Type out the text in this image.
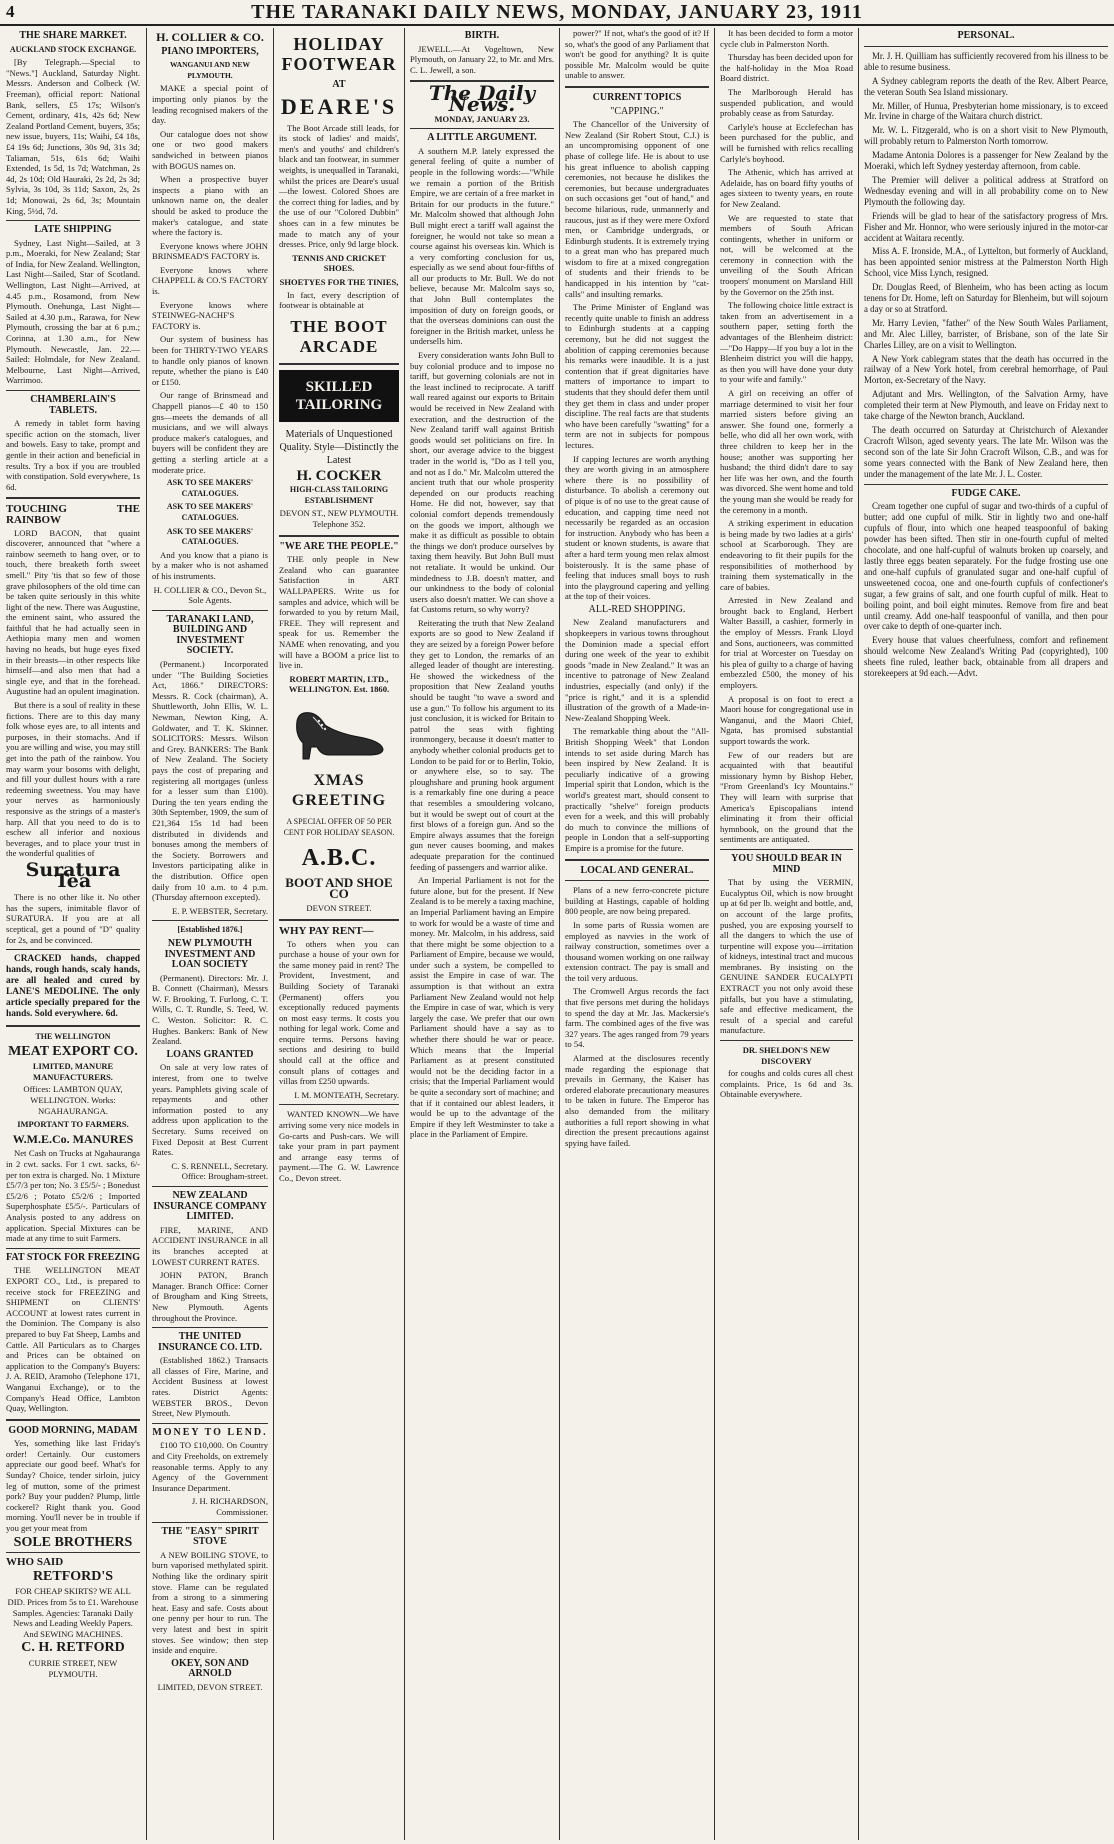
4	THE TARANAKI DAILY NEWS, MONDAY, JANUARY 23, 1911
THE SHARE MARKET.
AUCKLAND STOCK EXCHANGE.

[By Telegraph.—Special to "News."] Auckland, Saturday Night. Messrs. Anderson and Colbeck (W. Freeman), official report: National Bank, sellers, £5 17s; Wilson's Cement, ordinary, 41s, 42s 6d; New Zealand Portland Cement, buyers, 35s; new issue, buyers, 11s; Waihi, £4 18s, £4 19s 6d; Junctions, 30s 9d, 31s 3d; Taliaman, 51s, 61s 6d; Waihi Extended, 1s 5d, 1s 7d; Watchman, 2s 4d, 2s 10d; Old Hauraki, 2s 2d, 2s 3d; Sylvia, 3s 10d, 3s 11d; Saxon, 2s, 2s 1d; Monowai, 2s 6d, 3s; Mountain King, 5½d, 7d.

LATE SHIPPING

Sydney, Last Night—Sailed, at 3 p.m., Moeraki, for New Zealand; Star of India, for New Zealand. Wellington, Last Night—Sailed, Star of Scotland. Wellington, Last Night—Arrived, at 4.45 p.m., Rosamond, from New Plymouth. Onehunga, Last Night—Sailed at 4.30 p.m., Rarawa, for New Plymouth, crossing the bar at 6 p.m.; Corinna, at 1.30 a.m., for New Plymouth. Newcastle, Jan. 22.—Sailed: Holmdale, for New Zealand. Melbourne, Last Night—Arrived, Warrimoo.

CHAMBERLAIN'S TABLETS.

A remedy in tablet form having specific action on the stomach, liver and bowels. Easy to take, prompt and gentle in their action and beneficial in results. Try a box if you are troubled with constipation. Sold everywhere, 1s 6d.

TOUCHING THE RAINBOW

LORD BACON, that quaint discoverer, announced that "where a rainbow seemeth to hang over, or to touch, there breaketh forth sweet smell." Pity 'tis that so few of those grave philosophers of the old time can be taken quite seriously in this white light of the new. There was Augustine, the eminent saint, who assured the faithful that he had actually seen in Aethiopia many men and women having no heads, but huge eyes fixed in their breasts—in other respects like himself—and also men that had a single eye, and that in the forehead. Augustine had an opulent imagination.

But there is a soul of reality in these fictions. There are to this day many folk whose eyes are, to all intents and purposes, in their stomachs. And if you are willing and wise, you may still get into the path of the rainbow. You may warm your bosoms with delight, and fill your dullest hours with a rare redeeming sweetness. You may have your nerves as harmoniously responsive as the strings of a master's harp. All that you need to do is to eschew all inferior and noxious beverages, and to place your trust in the wonderful qualities of

Suratura Tea

There is no other like it. No other has the supers, inimitable flavor of SURATURA. If you are at all sceptical, get a pound of "D" quality for 2s, and be convinced.

CRACKED hands, chapped hands, rough hands, scaly hands, are all healed and cured by LANE'S MEDOLINE. The only article specially prepared for the hands. Sold everywhere. 6d.

THE WELLINGTON
MEAT EXPORT CO.
LIMITED, MANURE MANUFACTURERS.

Offices: LAMBTON QUAY, WELLINGTON. Works: NGAHAURANGA.

IMPORTANT TO FARMERS.
W.M.E.Co. MANURES

Net Cash on Trucks at Ngahauranga in 2 cwt. sacks. For 1 cwt. sacks, 6/- per ton extra is charged. No. 1 Mixture £5/7/3 per ton; No. 3 £5/5/- ; Bonedust £5/2/6 ; Potato £5/2/6 ; Imported Superphosphate £5/5/-. Particulars of Analysis posted to any address on application. Special Mixtures can be made at any time to suit Farmers.

FAT STOCK FOR FREEZING

THE WELLINGTON MEAT EXPORT CO., Ltd., is prepared to receive stock for FREEZING and SHIPMENT on CLIENTS' ACCOUNT at lowest rates current in the Dominion. The Company is also prepared to buy Fat Sheep, Lambs and Cattle. All Particulars as to Charges and Prices can be obtained on application to the Company's Buyers: J. A. REID, Aramoho (Telephone 171, Wanganui Exchange), or to the Company's Head Office, Lambton Quay, Wellington.

GOOD MORNING, MADAM

Yes, something like last Friday's order! Certainly. Our customers appreciate our good beef. What's for Sunday? Choice, tender sirloin, juicy leg of mutton, some of the primest pork? Buy your pudden? Plump, little cockerel? Right thank you. Good morning. You'll never be in trouble if you get your meat from

SOLE BROTHERS
WHO SAID
RETFORD'S

FOR CHEAP SKIRTS? WE ALL DID. Prices from 5s to £1. Warehouse Samples. Agencies: Taranaki Daily News and Leading Weekly Papers. And SEWING MACHINES.

C. H. RETFORD

CURRIE STREET, NEW PLYMOUTH.

H. COLLIER & CO.
PIANO IMPORTERS,
WANGANUI AND NEW PLYMOUTH.

MAKE a special point of importing only pianos by the leading recognised makers of the day.

Our catalogue does not show one or two good makers sandwiched in between pianos with BOGUS names on.

When a prospective buyer inspects a piano with an unknown name on, the dealer should be asked to produce the maker's catalogue, and state where the factory is.

Everyone knows where JOHN BRINSMEAD'S FACTORY is.

Everyone knows where CHAPPELL & CO.'S FACTORY is.

Everyone knows where STEINWEG-NACHF'S FACTORY is.

Our system of business has been for THIRTY-TWO YEARS to handle only pianos of known repute, whether the piano is £40 or £150.

Our range of Brinsmead and Chappell pianos—£ 40 to 150 gns—meets the demands of all musicians, and we will always produce maker's catalogues, and buyers will be confident they are getting a sterling article at a moderate price.

ASK TO SEE MAKERS' CATALOGUES.
ASK TO SEE MAKERS' CATALOGUES.
ASK TO SEE MAKERS' CATALOGUES.

And you know that a piano is by a maker who is not ashamed of his instruments.

H. COLLIER & CO., Devon St., Sole Agents.

TARANAKI LAND, BUILDING AND INVESTMENT SOCIETY.

(Permanent.) Incorporated under "The Building Societies Act, 1866." DIRECTORS: Messrs. R. Cock (chairman), A. Shuttleworth, John Ellis, W. L. Newman, Newton King, A. Goldwater, and T. K. Skinner. SOLICITORS: Messrs. Wilson and Grey. BANKERS: The Bank of New Zealand. The Society pays the cost of preparing and registering all mortgages (unless for a lesser sum than £100). During the ten years ending the 30th September, 1909, the sum of £21,364 15s 1d had been distributed in dividends and bonuses among the members of the Society. Borrowers and Investors participating alike in the distribution. Office open daily from 10 a.m. to 4 p.m. (Thursday afternoon excepted).

E. P. WEBSTER, Secretary.

[Established 1876.]
NEW PLYMOUTH INVESTMENT AND LOAN SOCIETY

(Permanent). Directors: Mr. J. B. Connett (Chairman), Messrs W. F. Brooking, T. Furlong, C. T. Wills, C. T. Rundle, S. Teed, W. C. Weston. Solicitor: R. C. Hughes. Bankers: Bank of New Zealand.

LOANS GRANTED

On sale at very low rates of interest, from one to twelve years. Pamphlets giving scale of repayments and other information posted to any address upon application to the Secretary. Sums received on Fixed Deposit at Best Current Rates.

C. S. RENNELL, Secretary. Office: Brougham-street.

NEW ZEALAND INSURANCE COMPANY LIMITED.

FIRE, MARINE, AND ACCIDENT INSURANCE in all its branches accepted at LOWEST CURRENT RATES.

JOHN PATON, Branch Manager. Branch Office: Corner of Brougham and King Streets, New Plymouth. Agents throughout the Province.

THE UNITED INSURANCE CO. LTD.

(Established 1862.) Transacts all classes of Fire, Marine, and Accident Business at lowest rates. District Agents: WEBSTER BROS., Devon Street, New Plymouth.

MONEY TO LEND.

£100 TO £10,000. On Country and City Freeholds, on extremely reasonable terms. Apply to any Agency of the Government Insurance Department.

J. H. RICHARDSON, Commissioner.

THE "EASY" SPIRIT STOVE

A NEW BOILING STOVE, to burn vaporised methylated spirit. Nothing like the ordinary spirit stove. Flame can be regulated from a strong to a simmering heat. Easy and safe. Costs about one penny per hour to run. The very latest and best in spirit stoves. See window; then step inside and enquire.

OKEY, SON AND ARNOLD

LIMITED, DEVON STREET.

HOLIDAY FOOTWEAR
AT
DEARE'S

The Boot Arcade still leads, for its stock of ladies' and maids', men's and youths' and children's black and tan footwear, in summer weights, is unequalled in Taranaki, whilst the prices are Deare's usual—the lowest. Colored Shoes are the correct thing for ladies, and by the use of our "Colored Dubbin" shoes can in a few minutes be made to match any of your dresses. Price, only 9d large block.

TENNIS AND CRICKET SHOES.
SHOETYES FOR THE TINIES,

In fact, every description of footwear is obtainable at

THE BOOT ARCADE
SKILLED TAILORING

Materials of Unquestioned Quality. Style—Distinctly the Latest

H. COCKER
HIGH-CLASS TAILORING ESTABLISHMENT

DEVON ST., NEW PLYMOUTH. Telephone 352.

"WE ARE THE PEOPLE."

THE only people in New Zealand who can guarantee Satisfaction in ART WALLPAPERS. Write us for samples and advice, which will be forwarded to you by return Mail, FREE. They will represent and speak for us. Remember the NAME when renovating, and you will have a BOOM a price list to live in.

ROBERT MARTIN, LTD., WELLINGTON. Est. 1860.

XMAS GREETING

A SPECIAL OFFER OF 50 PER CENT FOR HOLIDAY SEASON.

A.B.C.
BOOT AND SHOE CO

DEVON STREET.

WHY PAY RENT—

To others when you can purchase a house of your own for the same money paid in rent? The Provident, Investment, and Building Society of Taranaki (Permanent) offers you exceptionally reduced payments on most easy terms. It costs you nothing for legal work. Come and enquire terms. Persons having sections and desiring to build should call at the office and consult plans of cottages and villas from £250 upwards.

I. M. MONTEATH, Secretary.

WANTED KNOWN—We have arriving some very nice models in Go-carts and Push-cars. We will take your pram in part payment and arrange easy terms of payment.—The G. W. Lawrence Co., Devon street.

BIRTH.

JEWELL.—At Vogeltown, New Plymouth, on January 22, to Mr. and Mrs. C. L. Jewell, a son.

The Daily News.
MONDAY, JANUARY 23.
A LITTLE ARGUMENT.

A southern M.P. lately expressed the general feeling of quite a number of people in the following words:—"While we remain a portion of the British Empire, we are certain of a free market in Britain for our products in the future." Mr. Malcolm showed that although John Bull might erect a tariff wall against the foreigner, he would not take so mean a course against his overseas kin. Which is a very comforting conclusion for us, especially as we send about four-fifths of all our products to Mr. Bull. We do not believe, because Mr. Malcolm says so, that John Bull contemplates the imposition of duty on foreign goods, or that the overseas dominions can oust the foreigner in the British market, unless he undersells him.

Every consideration wants John Bull to buy colonial produce and to impose no tariff, but governing colonials are not in the least inclined to reciprocate. A tariff wall reared against our exports to Britain would be received in New Zealand with execration, and the destruction of the New Zealand tariff wall against British goods would set politicians on fire. In short, our average advice to the biggest trader in the world is, "Do as I tell you, and not as I do." Mr. Malcolm uttered the ancient truth that our whole prosperity depended on our products reaching Home. He did not, however, say that colonial comfort depends tremendously on the goods we import, although we make it as difficult as possible to obtain the things we don't produce ourselves by taxing them heavily. But John Bull must not retaliate. It would be unkind. Our mindedness to J.B. doesn't matter, and our unkindness to the body of colonial users also doesn't matter. We can shove a fat Customs return, so why worry?

Reiterating the truth that New Zealand exports are so good to New Zealand if they are seized by a foreign Power before they get to London, the remarks of an alleged leader of thought are interesting. He showed the wickedness of the proposition that New Zealand youths should be taught "to wave a sword and use a gun." To follow his argument to its just conclusion, it is wicked for Britain to patrol the seas with fighting ironmongery, because it doesn't matter to anybody whether colonial products get to London to be paid for or to Berlin, Tokio, or anywhere else, so to say. The ploughshare and pruning hook argument is a remarkably fine one during a peace that resembles a smouldering volcano, but it would be swept out of court at the first blows of a foreign gun. And so the Empire always assumes that the foreign gun never causes booming, and makes adequate preparation for the continued feeding of passengers and warrior alike.

An Imperial Parliament is not for the future alone, but for the present. If New Zealand is to be merely a taxing machine, an Imperial Parliament having an Empire to work for would be a waste of time and money. Mr. Malcolm, in his address, said that there might be some objection to a Parliament of Empire, because we would, under such a system, be compelled to assist the Empire in case of war. The assumption is that without an extra Parliament New Zealand would not help the Empire in case of war, which is very largely the case. We prefer that our own Parliament should have a say as to whether there should be war or peace. Which means that the Imperial Parliament as at present constituted would not be the deciding factor in a crisis; that the Imperial Parliament would be quite a secondary sort of machine; and that if it contained our ablest leaders, it would be up to the advantage of the Empire if they left Westminster to take a place in the Parliament of Empire.

power?" If not, what's the good of it? If so, what's the good of any Parliament that won't be good for anything? It is quite possible Mr. Malcolm would be quite unable to answer.

CURRENT TOPICS
"CAPPING."

The Chancellor of the University of New Zealand (Sir Robert Stout, C.J.) is an uncompromising opponent of one phase of college life. He is about to use his great influence to abolish capping ceremonies, not because he dislikes the ceremonies, but because undergraduates on such occasions get "out of hand," and become hilarious, rude, unmannerly and raucous, just as if they were mere Oxford men, or Cambridge undergrads, or Edinburgh students. It is extremely trying to a great man who has prepared much wisdom to fire at a mixed congregation of students and their friends to be handicapped in his intention by "cat-calls" and insulting remarks.

The Prime Minister of England was recently quite unable to finish an address to Edinburgh students at a capping ceremony, but he did not suggest the abolition of capping ceremonies because his remarks were inaudible. It is a just contention that if great dignitaries have matters of importance to impart to students that they should defer them until they get them in class and under proper discipline. The real facts are that students who have been carefully "swatting" for a term are not in subjects for pompous lectures.

If capping lectures are worth anything they are worth giving in an atmosphere where there is no possibility of disturbance. To abolish a ceremony out of pique is of no use to the great cause of education, and capping time need not necessarily be regarded as an occasion for instruction. Anybody who has been a student or known students, is aware that after a hard term young men relax almost boisterously. It is the same phase of feeling that induces small boys to rush into the playground capering and yelling at the top of their voices.

ALL-RED SHOPPING.

New Zealand manufacturers and shopkeepers in various towns throughout the Dominion made a special effort during one week of the year to exhibit goods "made in New Zealand." It was an incentive to patronage of New Zealand industries, especially (and only) if the "price is right," and it is a splendid illustration of the growth of a Made-in-New-Zealand Shopping Week.

The remarkable thing about the "All-British Shopping Week" that London intends to set aside during March has been inspired by New Zealand. It is peculiarly indicative of a growing Imperial spirit that London, which is the world's greatest mart, should consent to practically "shelve" foreign products even for a week, and this will probably do much to convince the millions of people in London that a self-supporting Empire is a promise for the future.

LOCAL AND GENERAL.

Plans of a new ferro-concrete picture building at Hastings, capable of holding 800 people, are now being prepared.

In some parts of Russia women are employed as navvies in the work of railway construction, sometimes over a thousand women working on one railway extension contract. The pay is small and the toil very arduous.

The Cromwell Argus records the fact that five persons met during the holidays to spend the day at Mr. Jas. Mackersie's farm. The combined ages of the five was 327 years. The ages ranged from 79 years to 54.

Alarmed at the disclosures recently made regarding the espionage that prevails in Germany, the Kaiser has ordered elaborate precautionary measures to be taken in future. The Emperor has also demanded from the military authorities a full report showing in what direction the present precautions against spying have failed.

It has been decided to form a motor cycle club in Palmerston North.

Thursday has been decided upon for the half-holiday in the Moa Road Board district.

The Marlborough Herald has suspended publication, and would probably cease as from Saturday.

Carlyle's house at Ecclefechan has been purchased for the public, and will be furnished with relics recalling Carlyle's boyhood.

The Athenic, which has arrived at Adelaide, has on board fifty youths of ages sixteen to twenty years, en route for New Zealand.

We are requested to state that members of South African contingents, whether in uniform or not, will be welcomed at the ceremony in connection with the unveiling of the South African troopers' monument on Marsland Hill by the Governor on the 25th inst.

The following choice little extract is taken from an advertisement in a southern paper, setting forth the advantages of the Blenheim district:—"Do Happy—If you buy a lot in the Blenheim district you will die happy, as then you will have done your duty to your wife and family."

A girl on receiving an offer of marriage determined to visit her four married sisters before giving an answer. She found one, formerly a belle, who did all her own work, with three children to keep her in the house; another was supporting her husband; the third didn't dare to say her life was her own, and the fourth was divorced. She went home and told the young man she would be ready for the ceremony in a month.

A striking experiment in education is being made by two ladies at a girls' school at Scarborough. They are endeavoring to fit their pupils for the responsibilities of motherhood by training them systematically in the care of babies.

Arrested in New Zealand and brought back to England, Herbert Walter Bassill, a cashier, formerly in the employ of Messrs. Frank Lloyd and Sons, auctioneers, was committed for trial at Worcester on Tuesday on his plea of guilty to a charge of having embezzled £500, the money of his employers.

A proposal is on foot to erect a Maori house for congregational use in Wanganui, and the Maori Chief, Ngata, has promised substantial support towards the work.

Few of our readers but are acquainted with that beautiful missionary hymn by Bishop Heber, "From Greenland's Icy Mountains." They will learn with surprise that America's Episcopalians intend eliminating it from their official hymnbook, on the ground that the sentiments are antiquated.

YOU SHOULD BEAR IN MIND

That by using the VERMIN, Eucalyptus Oil, which is now brought up at 6d per lb. weight and bottle, and, on account of the large profits, pushed, you are exposing yourself to all the dangers to which the use of turpentine will expose you—irritation of kidneys, intestinal tract and mucous membranes. By insisting on the GENUINE SANDER EUCALYPTI EXTRACT you not only avoid these pitfalls, but you have a stimulating, safe and effective medicament, the result of a special and careful manufacture.

DR. SHELDON'S NEW DISCOVERY

for coughs and colds cures all chest complaints. Price, 1s 6d and 3s. Obtainable everywhere.

PERSONAL.

Mr. J. H. Quilliam has sufficiently recovered from his illness to be able to resume business.

A Sydney cablegram reports the death of the Rev. Albert Pearce, the veteran South Sea Island missionary.

Mr. Miller, of Hunua, Presbyterian home missionary, is to exceed Mr. Irvine in charge of the Waitara church district.

Mr. W. L. Fitzgerald, who is on a short visit to New Plymouth, will probably return to Palmerston North tomorrow.

Madame Antonia Dolores is a passenger for New Zealand by the Moeraki, which left Sydney yesterday afternoon, from cable.

The Premier will deliver a political address at Stratford on Wednesday evening and will in all probability come on to New Plymouth the following day.

Friends will be glad to hear of the satisfactory progress of Mrs. Fisher and Mr. Honnor, who were seriously injured in the motor-car accident at Waitara recently.

Miss A. F. Ironside, M.A., of Lyttelton, but formerly of Auckland, has been appointed senior mistress at the Palmerston North High School, vice Miss Lynch, resigned.

Dr. Douglas Reed, of Blenheim, who has been acting as locum tenens for Dr. Home, left on Saturday for Blenheim, but will sojourn a day or so at Stratford.

Mr. Harry Levien, "father" of the New South Wales Parliament, and Mr. Alec Lilley, barrister, of Brisbane, son of the late Sir Charles Lilley, are on a visit to Wellington.

A New York cablegram states that the death has occurred in the railway of a New York hotel, from cerebral hemorrhage, of Paul Morton, ex-Secretary of the Navy.

Adjutant and Mrs. Wellington, of the Salvation Army, have completed their term at New Plymouth, and leave on Friday next to take charge of the Newton branch, Auckland.

The death occurred on Saturday at Christchurch of Alexander Cracroft Wilson, aged seventy years. The late Mr. Wilson was the second son of the late Sir John Cracroft Wilson, C.B., and was for some years connected with the Bank of New Zealand here, then under the management of the late Mr. J. L. Coster.

FUDGE CAKE.

Cream together one cupful of sugar and two-thirds of a cupful of butter; add one cupful of milk. Stir in lightly two and one-half cupfuls of flour, into which one heaped teaspoonful of baking powder has been sifted. Then stir in one-fourth cupful of melted chocolate, and one half-cupful of walnuts broken up coarsely, and lastly three eggs beaten separately. For the fudge frosting use one and one-half cupfuls of granulated sugar and one-half cupful of unsweetened cocoa, one and one-fourth cupfuls of confectioner's sugar, a few grains of salt, and one fourth cupful of milk. Heat to boiling point, and boil eight minutes. Remove from fire and beat until creamy. Add one-half teaspoonful of vanilla, and then pour over cake to depth of one-quarter inch.

Every house that values cheerfulness, comfort and refinement should welcome New Zealand's Writing Pad (copyrighted), 100 sheets fine ruled, leather back, obtainable from all drapers and storekeepers at 9d each.—Advt.
